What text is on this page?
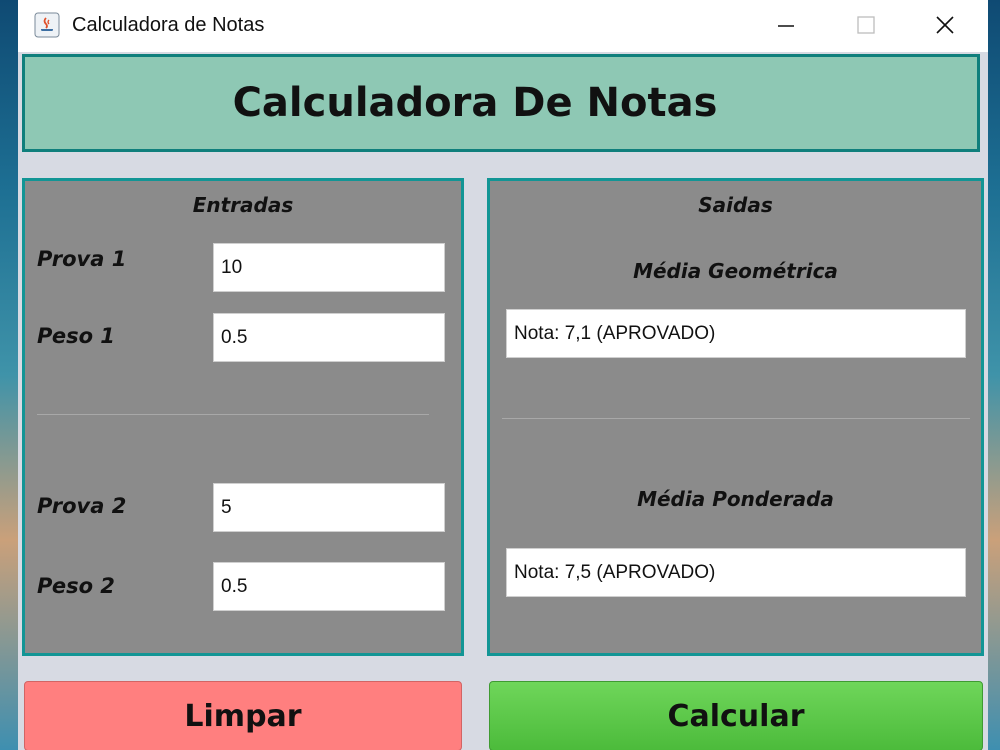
Calculadora de Notas
Calculadora De Notas
Entradas
Prova 1
10
Peso 1
0.5
Prova 2
5
Peso 2
0.5
Saidas
Média Geométrica
Nota: 7,1 (APROVADO)
Média Ponderada
Nota: 7,5 (APROVADO)
Limpar	Calcular
